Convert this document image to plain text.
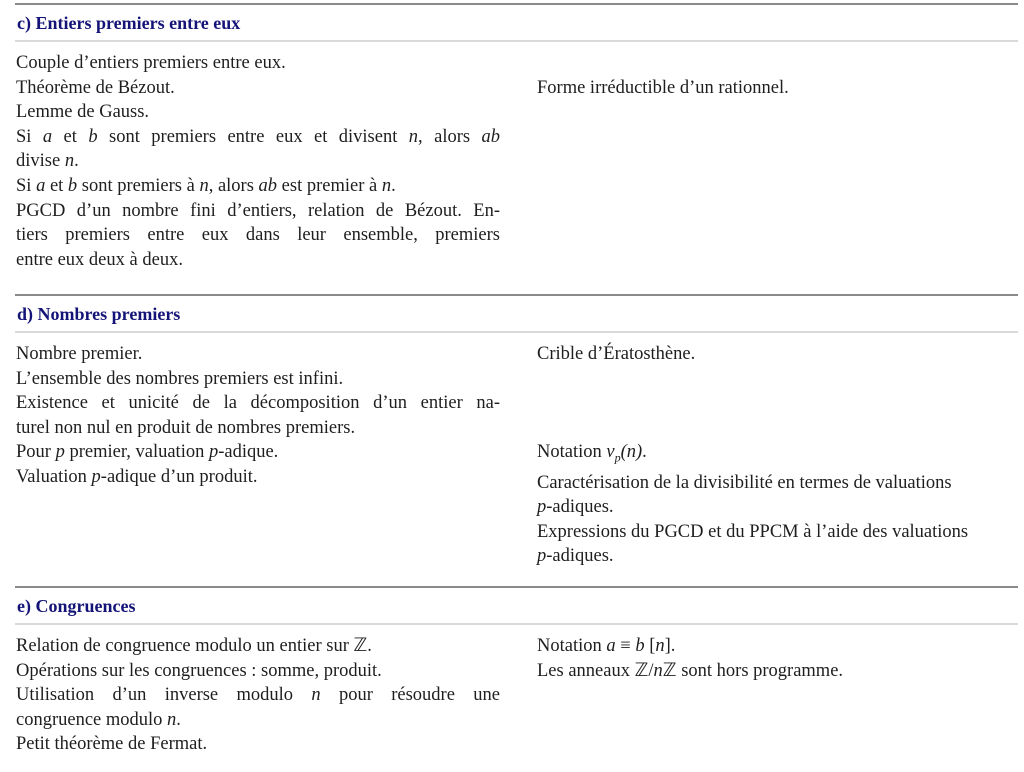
c) Entiers premiers entre eux
Couple d’entiers premiers entre eux.
Théorème de Bézout.
Lemme de Gauss.
Si a et b sont premiers entre eux et divisent n, alors ab
divise n.
Si a et b sont premiers à n, alors ab est premier à n.
PGCD d’un nombre fini d’entiers, relation de Bézout. En-
tiers premiers entre eux dans leur ensemble, premiers
entre eux deux à deux.
Forme irréductible d’un rationnel.
d) Nombres premiers
Nombre premier.
L’ensemble des nombres premiers est infini.
Existence et unicité de la décomposition d’un entier na-
turel non nul en produit de nombres premiers.
Pour p premier, valuation p-adique.
Valuation p-adique d’un produit.
Crible d’Ératosthène.
Notation $v_p(n)$.
Caractérisation de la divisibilité en termes de valuations
p-adiques.
Expressions du PGCD et du PPCM à l’aide des valuations
p-adiques.
e) Congruences
Relation de congruence modulo un entier sur ℤ.
Opérations sur les congruences : somme, produit.
Utilisation d’un inverse modulo n pour résoudre une
congruence modulo n.
Petit théorème de Fermat.
Notation a ≡ b [n].
Les anneaux ℤ/nℤ sont hors programme.
